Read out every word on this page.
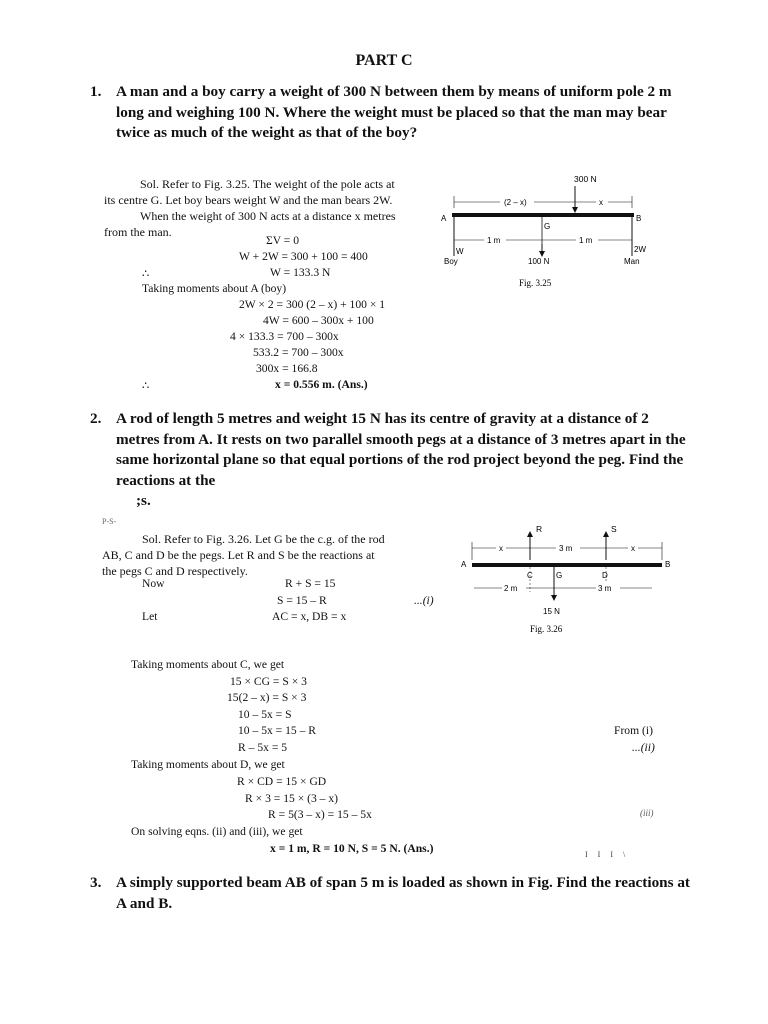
PART C
1. A man and a boy carry a weight of 300 N between them by means of uniform pole 2 m long and weighing 100 N. Where the weight must be placed so that the man may bear twice as much of the weight as that of the boy?
Sol. Refer to Fig. 3.25. The weight of the pole acts at
its centre G. Let boy bears weight W and the man bears 2W.
When the weight of 300 N acts at a distance x metres
from the man.
ΣV = 0
W + 2W = 300 + 100 = 400
∴	W = 133.3 N
Taking moments about A (boy)
2W × 2 = 300 (2 – x) + 100 × 1
4W = 600 – 300x + 100
4 × 133.3 = 700 – 300x
533.2 = 700 – 300x
300x = 166.8
∴	x = 0.556 m. (Ans.)
300 N
(2 – x)	x
A	B
G
1 m	1 m
W	2W
Boy	100 N	Man
Fig. 3.25
2. A rod of length 5 metres and weight 15 N has its centre of gravity at a distance of 2 metres from A. It rests on two parallel smooth pegs at a distance of 3 metres apart in the same horizontal plane so that equal portions of the rod project beyond the peg. Find the reactions at the
;s.
P-S-
Sol. Refer to Fig. 3.26. Let G be the c.g. of the rod
AB, C and D be the pegs. Let R and S be the reactions at
the pegs C and D respectively.
Now	R + S = 15
S = 15 – R	...(i)
Let	AC = x, DB = x
R	S
x	3 m	x
A	B
C	G	D
2 m	3 m
15 N
Fig. 3.26
Taking moments about C, we get
15 × CG = S × 3
15(2 – x) = S × 3
10 – 5x = S
10 – 5x = 15 – R	From (i)
R – 5x = 5	...(ii)
Taking moments about D, we get
R × CD = 15 × GD
R × 3 = 15 × (3 – x)
R = 5(3 – x) = 15 – 5x	(iii)
On solving eqns. (ii) and (iii), we get
x = 1 m, R = 10 N, S = 5 N. (Ans.)	I I I \
3. A simply supported beam AB of span 5 m is loaded as shown in Fig. Find the reactions at A and B.
